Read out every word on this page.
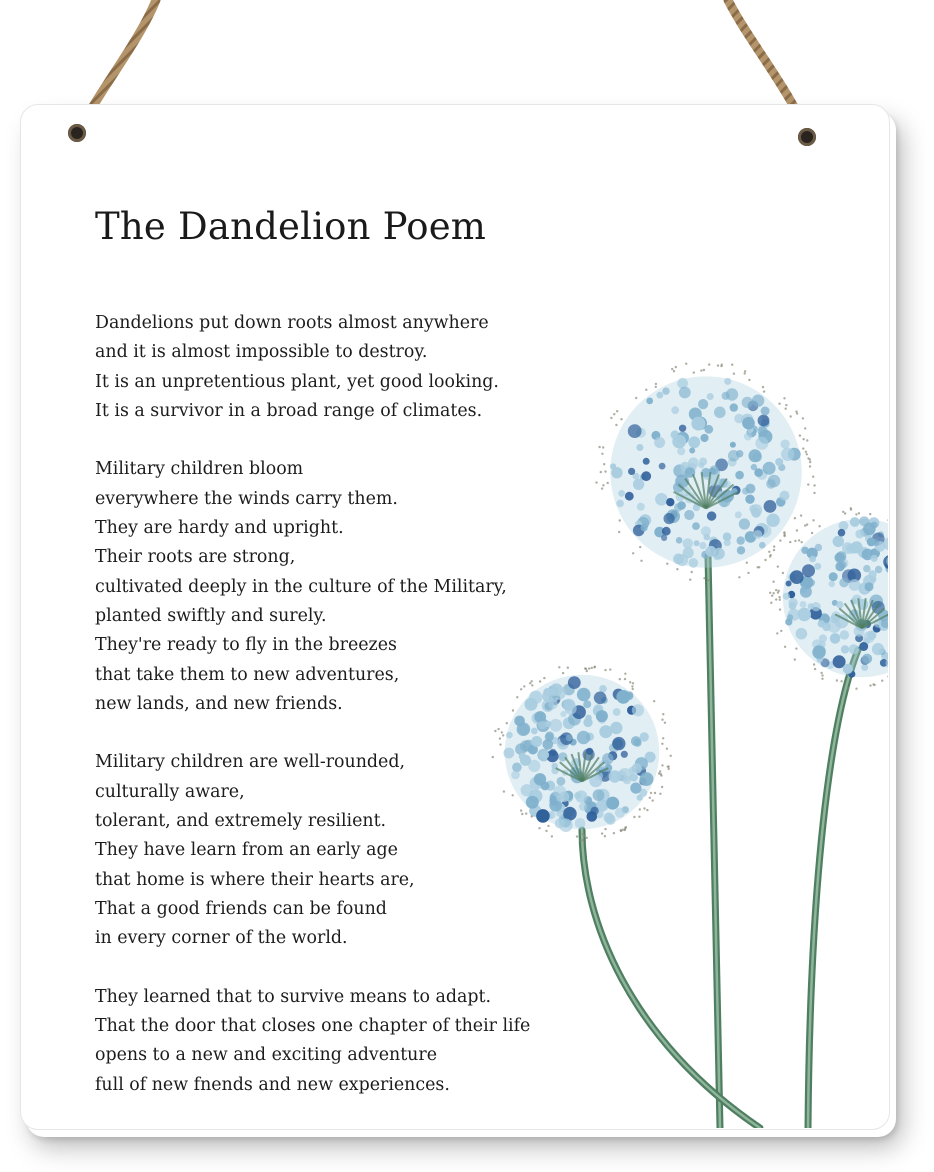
The Dandelion Poem

Dandelions put down roots almost anywhere
and it is almost impossible to destroy.
It is an unpretentious plant, yet good looking.
It is a survivor in a broad range of climates.

Military children bloom
everywhere the winds carry them.
They are hardy and upright.
Their roots are strong,
cultivated deeply in the culture of the Military,
planted swiftly and surely.
They're ready to fly in the breezes
that take them to new adventures,
new lands, and new friends.

Military children are well-rounded,
culturally aware,
tolerant, and extremely resilient.
They have learn from an early age
that home is where their hearts are,
That a good friends can be found
in every corner of the world.

They learned that to survive means to adapt.
That the door that closes one chapter of their life
opens to a new and exciting adventure
full of new fnends and new experiences.
